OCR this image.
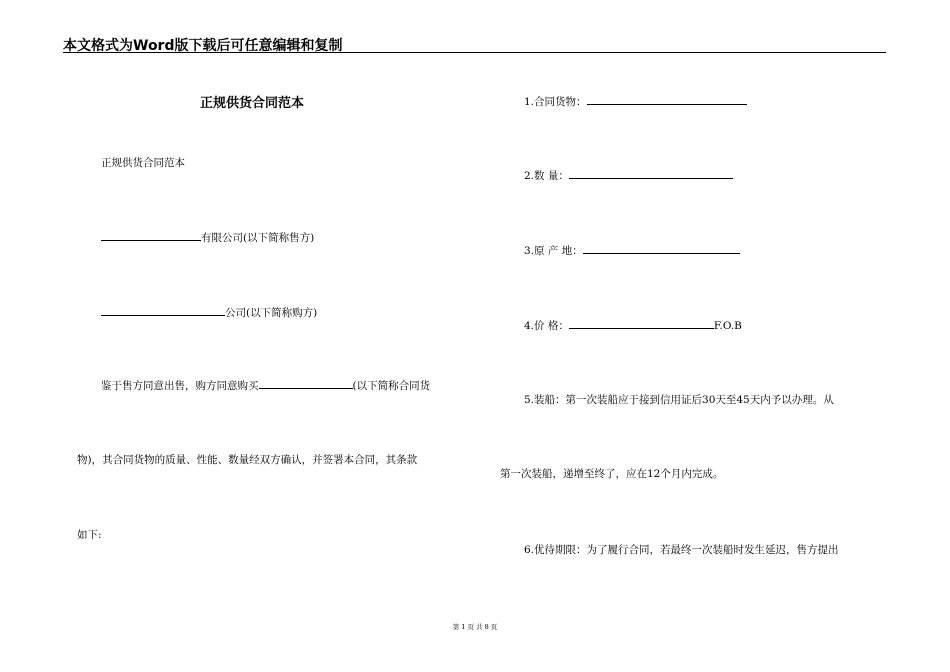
本文格式为Word版下载后可任意编辑和复制
正规供货合同范本
正规供货合同范本
有限公司(以下简称售方)
公司(以下简称购方)
鉴于售方同意出售，购方同意购买	(以下简称合同货
物)，其合同货物的质量、性能、数量经双方确认，并签署本合同，其条款
如下:
1.合同货物：
2.数 量：
3.原 产 地：
4.价 格：	F.O.B
5.装船：第一次装船应于接到信用证后30天至45天内予以办理。从
第一次装船，递增至终了，应在12个月内完成。
6.优待期限：为了履行合同，若最终一次装船时发生延迟，售方提出
第 1 页 共 8 页
